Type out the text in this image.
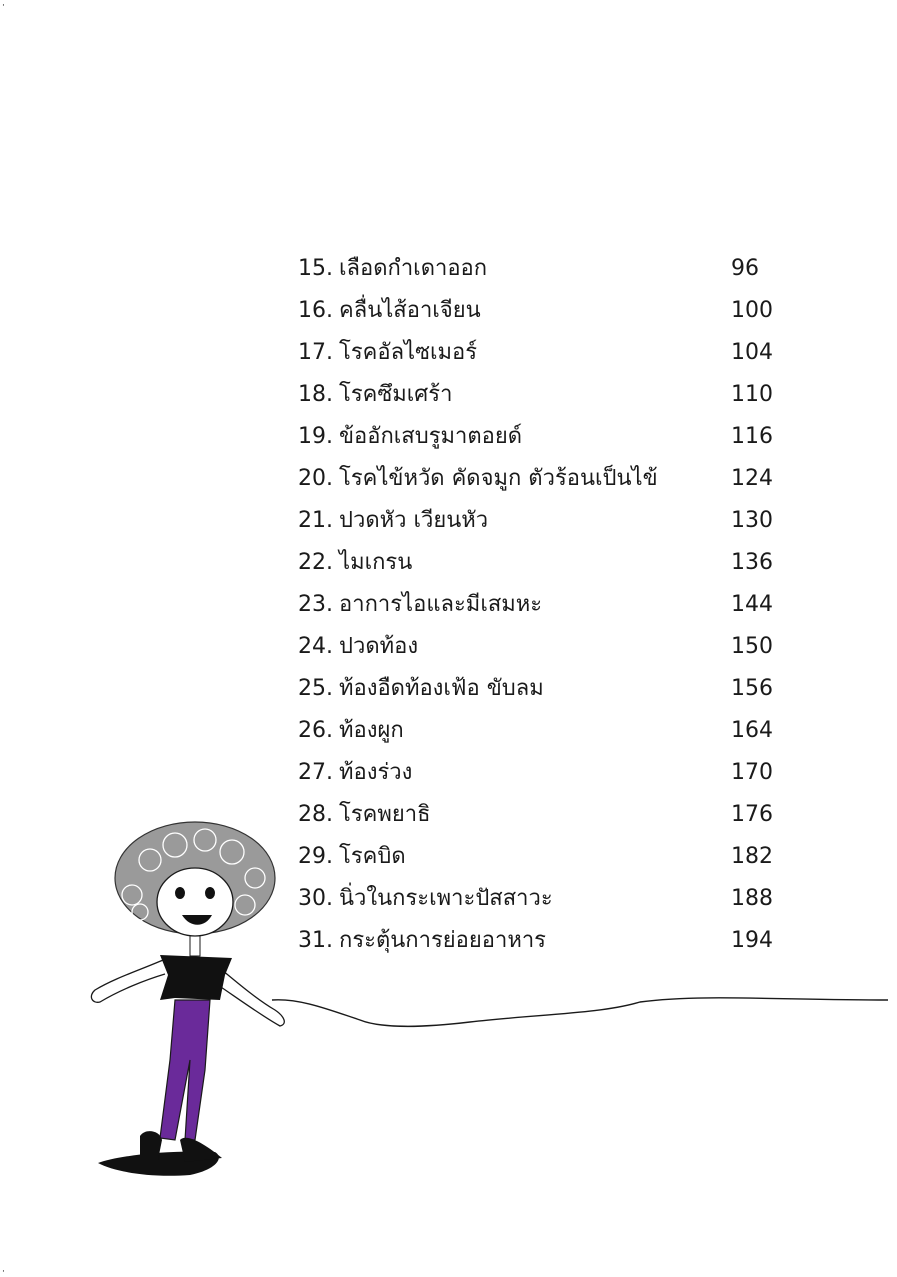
15. เลือดกำเดาออก	96
16. คลื่นไส้อาเจียน	100
17. โรคอัลไซเมอร์	104
18. โรคซึมเศร้า	110
19. ข้ออักเสบรูมาตอยด์	116
20. โรคไข้หวัด คัดจมูก ตัวร้อนเป็นไข้	124
21. ปวดหัว เวียนหัว	130
22. ไมเกรน	136
23. อาการไอและมีเสมหะ	144
24. ปวดท้อง	150
25. ท้องอืดท้องเฟ้อ ขับลม	156
26. ท้องผูก	164
27. ท้องร่วง	170
28. โรคพยาธิ	176
29. โรคบิด	182
30. นิ่วในกระเพาะปัสสาวะ	188
31. กระตุ้นการย่อยอาหาร	194
·
·
